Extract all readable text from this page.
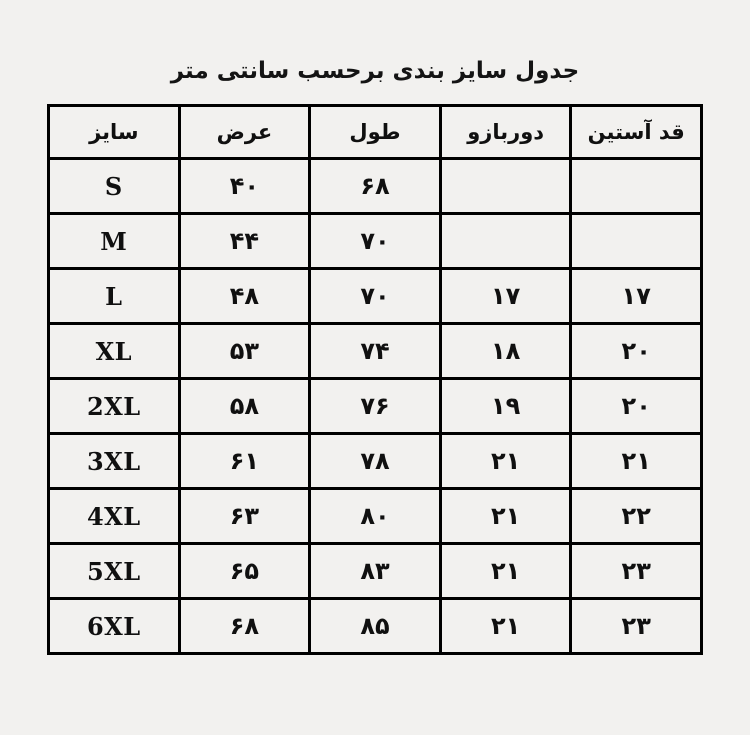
جدول سایز بندی برحسب سانتی متر
قد آستین	دوربازو	طول	عرض	سایز
		۶۸	۴۰	S
		۷۰	۴۴	M
۱۷	۱۷	۷۰	۴۸	L
۲۰	۱۸	۷۴	۵۳	XL
۲۰	۱۹	۷۶	۵۸	2XL
۲۱	۲۱	۷۸	۶۱	3XL
۲۲	۲۱	۸۰	۶۳	4XL
۲۳	۲۱	۸۳	۶۵	5XL
۲۳	۲۱	۸۵	۶۸	6XL
